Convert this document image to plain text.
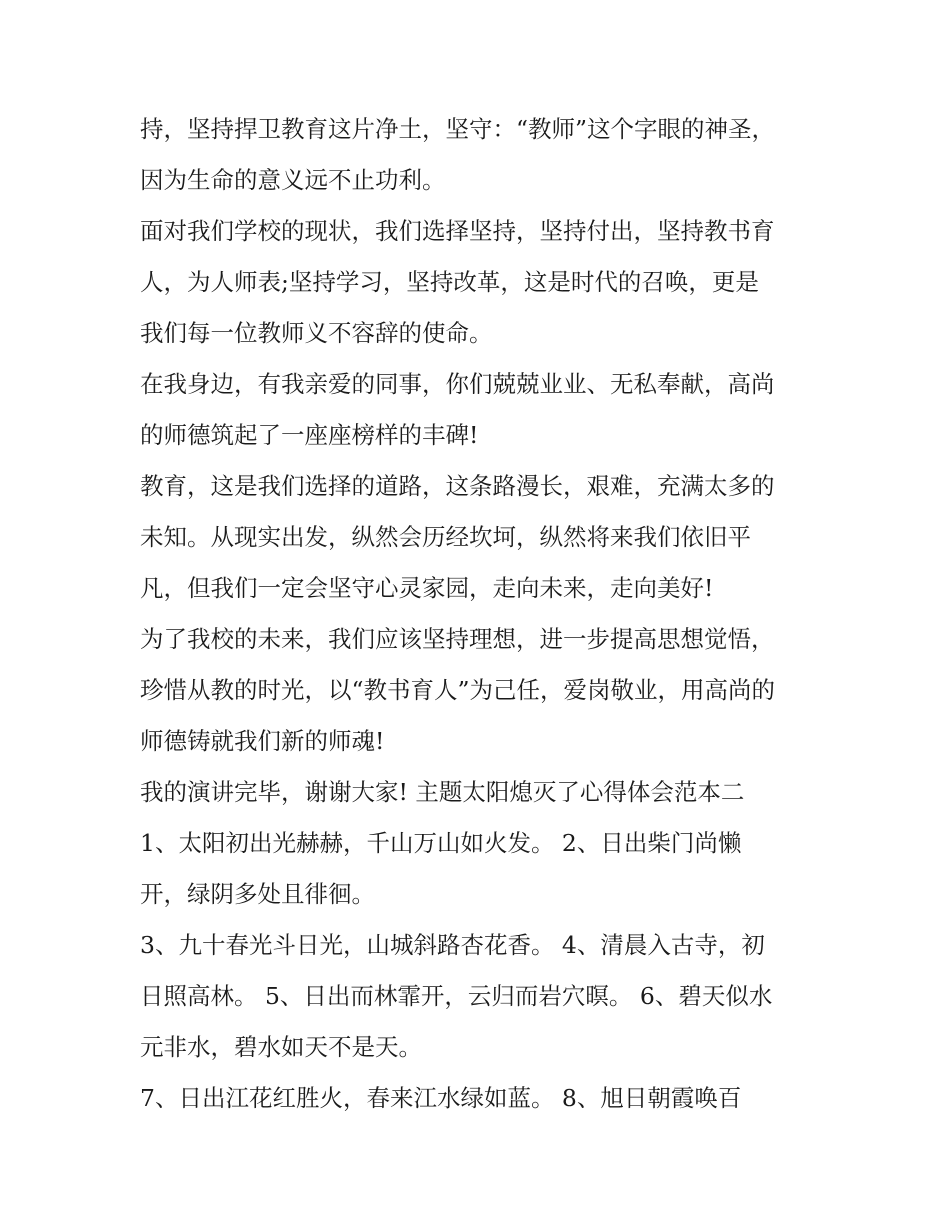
持，坚持捍卫教育这片净土，坚守：“教师”这个字眼的神圣，
因为生命的意义远不止功利。
面对我们学校的现状，我们选择坚持，坚持付出，坚持教书育
人，为人师表;坚持学习，坚持改革，这是时代的召唤，更是
我们每一位教师义不容辞的使命。
在我身边，有我亲爱的同事，你们兢兢业业、无私奉献，高尚
的师德筑起了一座座榜样的丰碑!
教育，这是我们选择的道路，这条路漫长，艰难，充满太多的
未知。从现实出发，纵然会历经坎坷，纵然将来我们依旧平
凡，但我们一定会坚守心灵家园，走向未来，走向美好!
为了我校的未来，我们应该坚持理想，进一步提高思想觉悟，
珍惜从教的时光，以“教书育人”为己任，爱岗敬业，用高尚的
师德铸就我们新的师魂!
我的演讲完毕，谢谢大家! 主题太阳熄灭了心得体会范本二
1、太阳初出光赫赫，千山万山如火发。 2、日出柴门尚懒
开，绿阴多处且徘徊。
3、九十春光斗日光，山城斜路杏花香。 4、清晨入古寺，初
日照高林。 5、日出而林霏开，云归而岩穴暝。 6、碧天似水
元非水，碧水如天不是天。
7、日出江花红胜火，春来江水绿如蓝。 8、旭日朝霞唤百
